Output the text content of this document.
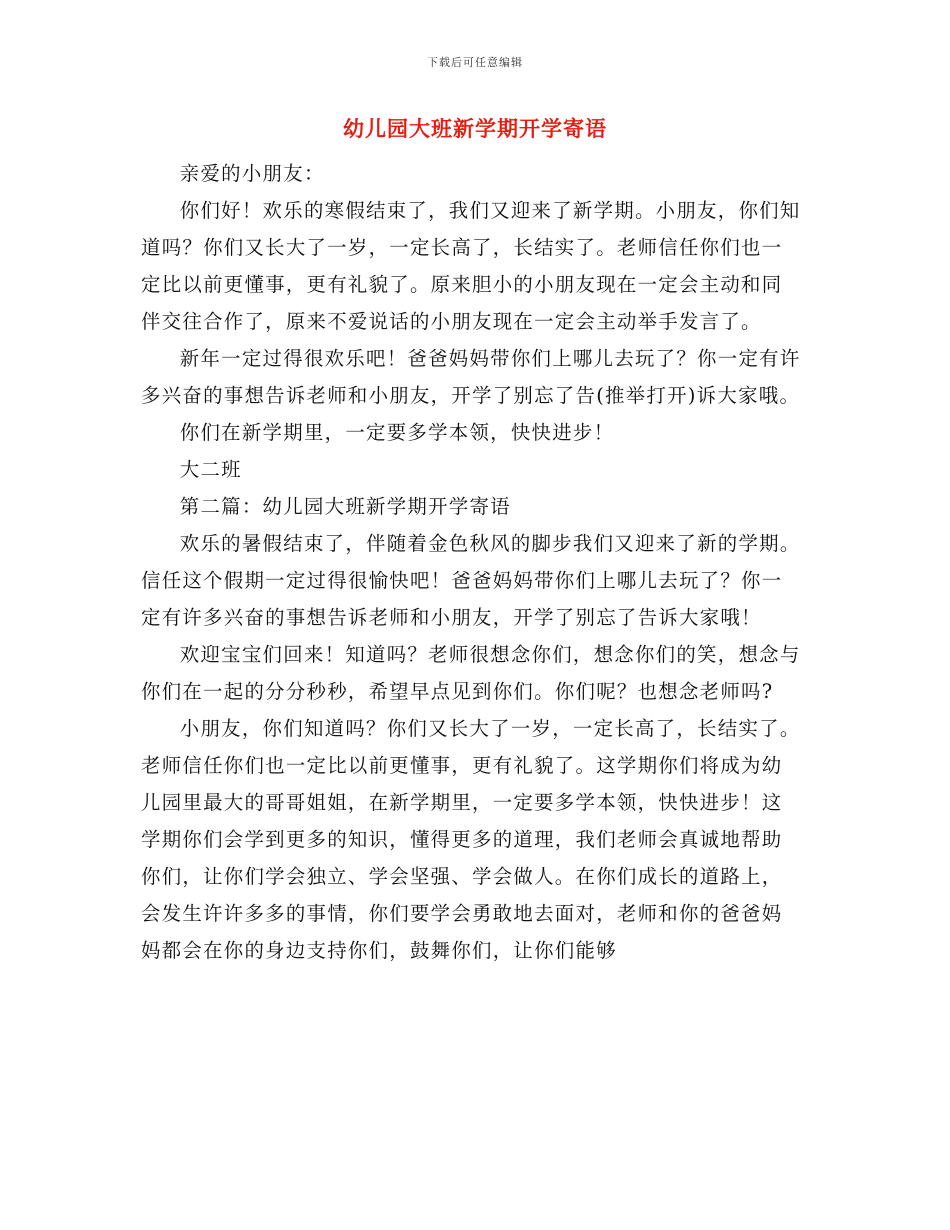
下载后可任意编辑
幼儿园大班新学期开学寄语

亲爱的小朋友：

你们好！欢乐的寒假结束了，我们又迎来了新学期。小朋友，你们知道吗？你们又长大了一岁，一定长高了，长结实了。老师信任你们也一定比以前更懂事，更有礼貌了。原来胆小的小朋友现在一定会主动和同伴交往合作了，原来不爱说话的小朋友现在一定会主动举手发言了。

新年一定过得很欢乐吧！爸爸妈妈带你们上哪儿去玩了？你一定有许多兴奋的事想告诉老师和小朋友，开学了别忘了告(推举打开)诉大家哦。

你们在新学期里，一定要多学本领，快快进步！

大二班

第二篇：幼儿园大班新学期开学寄语

欢乐的暑假结束了，伴随着金色秋风的脚步我们又迎来了新的学期。信任这个假期一定过得很愉快吧！爸爸妈妈带你们上哪儿去玩了？你一定有许多兴奋的事想告诉老师和小朋友，开学了别忘了告诉大家哦！

欢迎宝宝们回来！知道吗？老师很想念你们，想念你们的笑，想念与你们在一起的分分秒秒，希望早点见到你们。你们呢？也想念老师吗?

小朋友，你们知道吗？你们又长大了一岁，一定长高了，长结实了。老师信任你们也一定比以前更懂事，更有礼貌了。这学期你们将成为幼儿园里最大的哥哥姐姐，在新学期里，一定要多学本领，快快进步！这学期你们会学到更多的知识，懂得更多的道理，我们老师会真诚地帮助你们，让你们学会独立、学会坚强、学会做人。在你们成长的道路上，会发生许许多多的事情，你们要学会勇敢地去面对，老师和你的爸爸妈妈都会在你的身边支持你们，鼓舞你们，让你们能够
